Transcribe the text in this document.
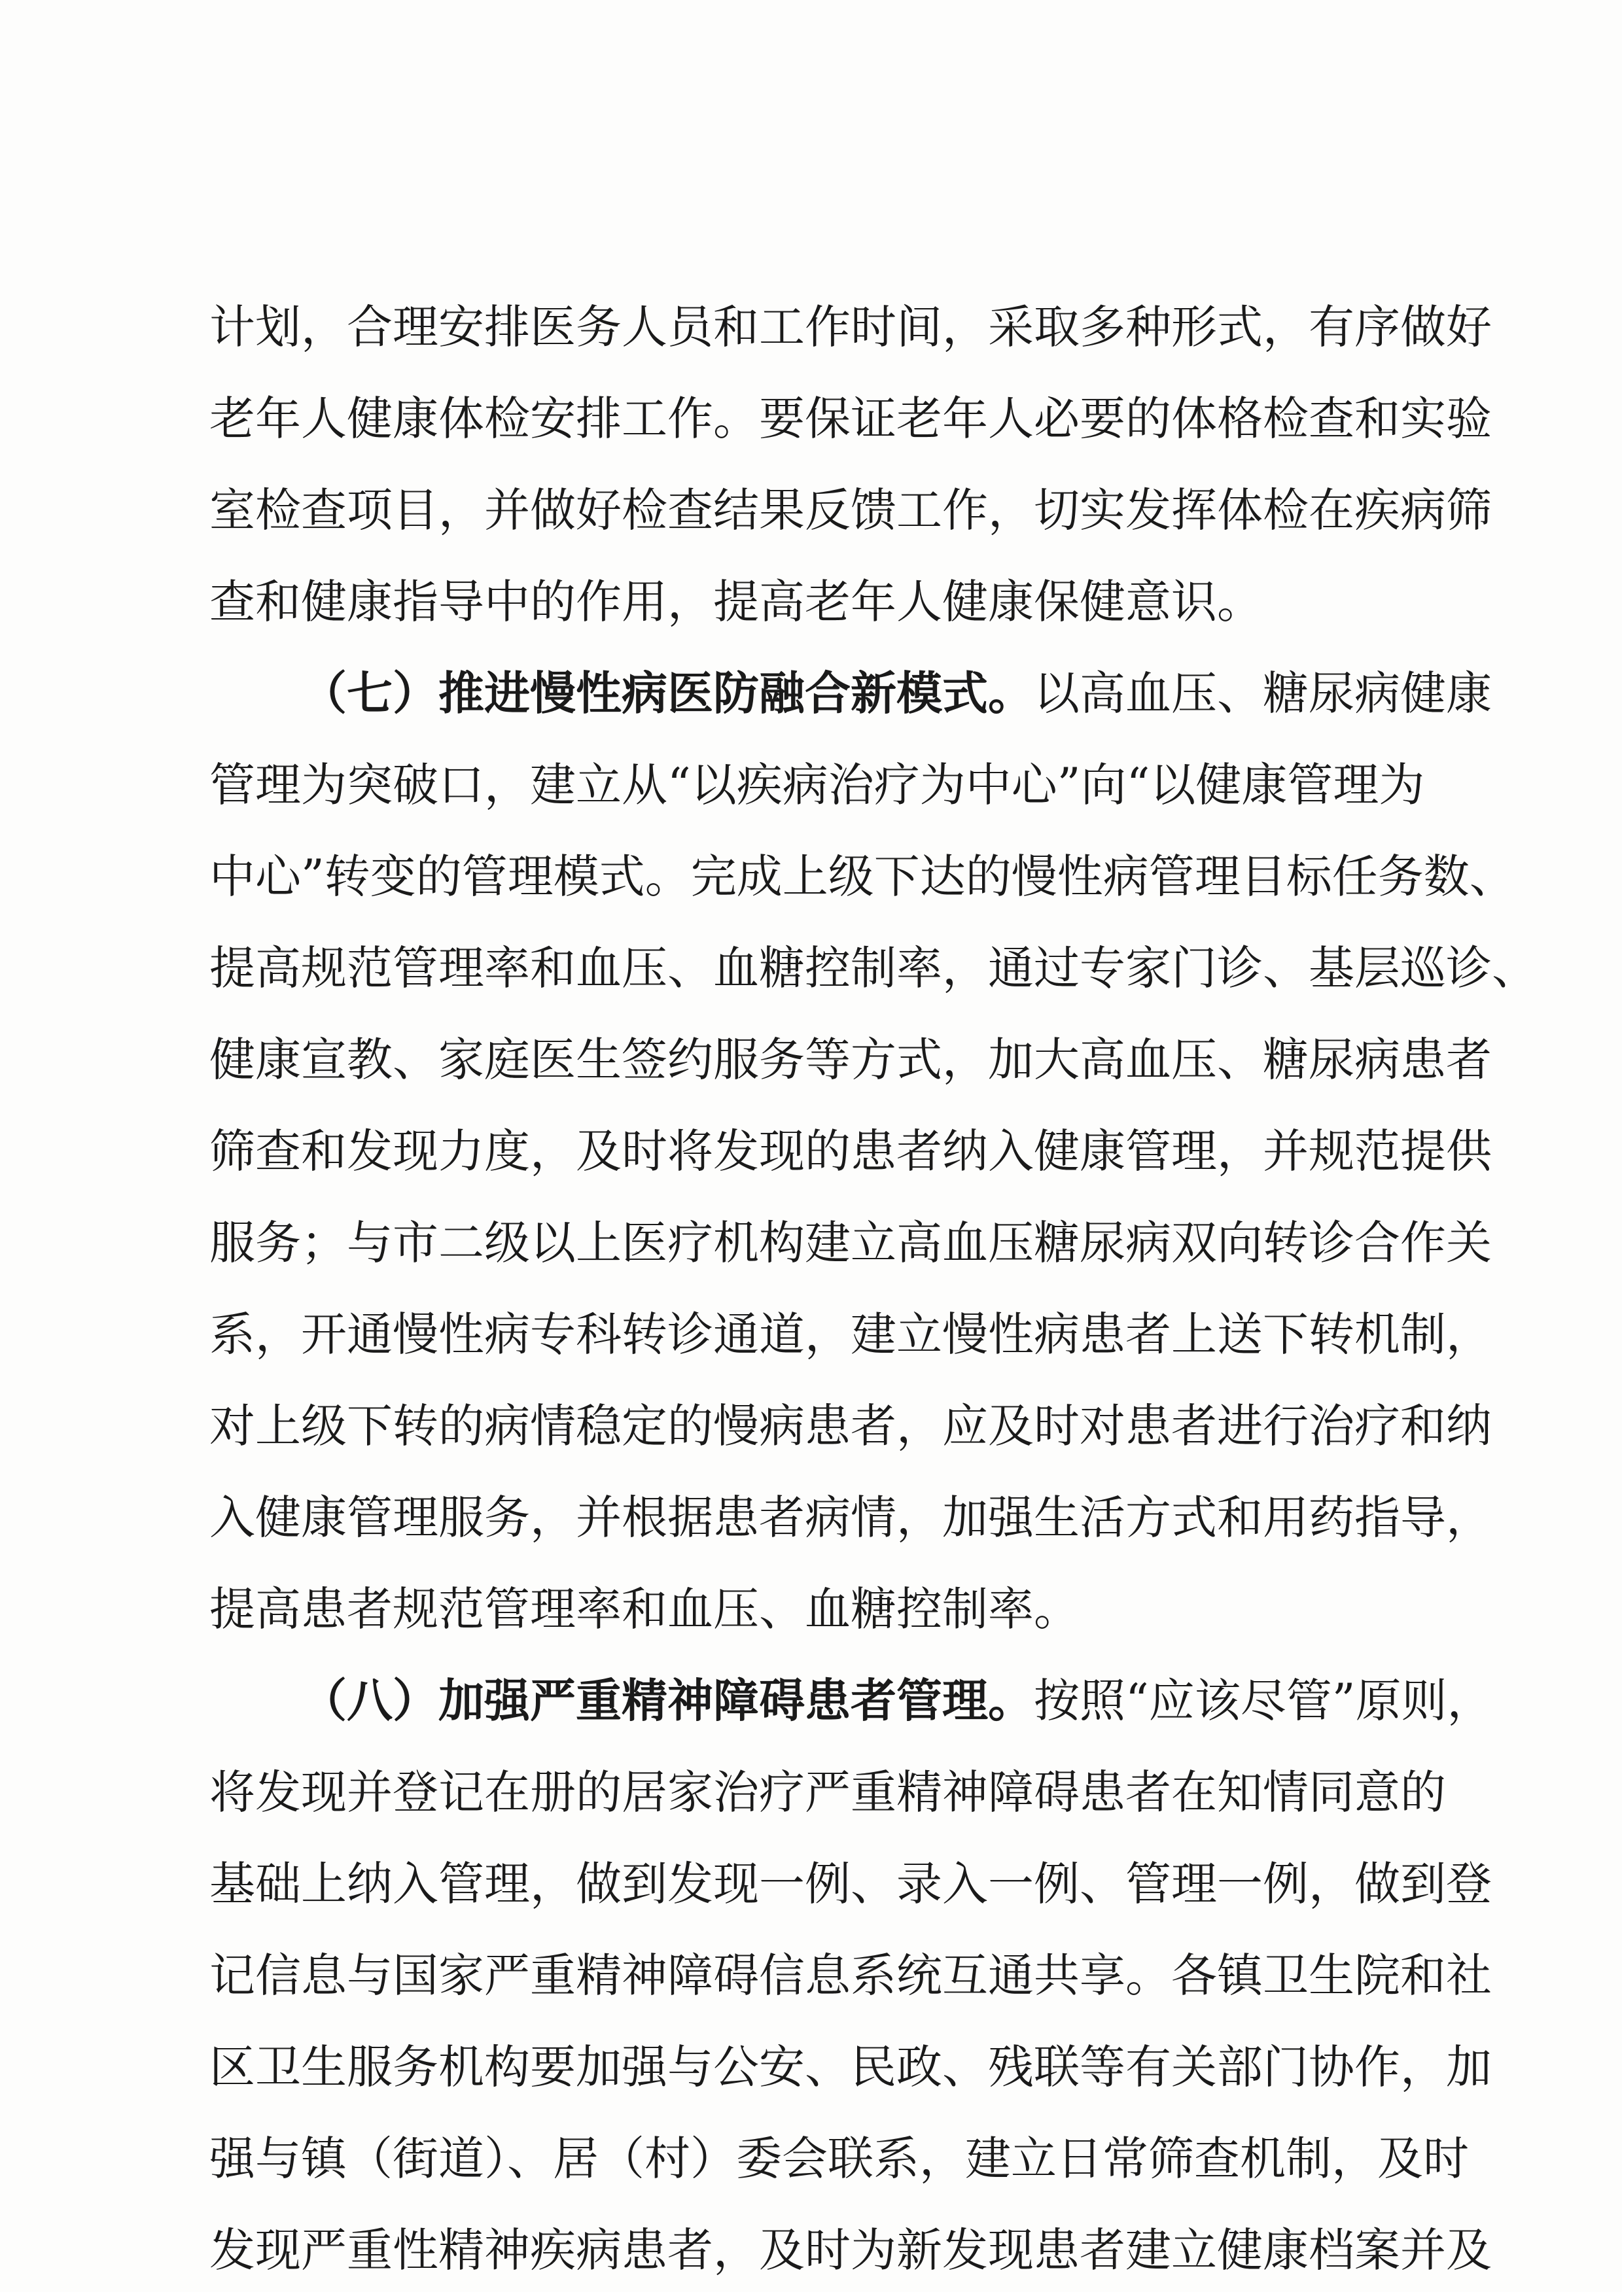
计划，合理安排医务人员和工作时间，采取多种形式，有序做好
老年人健康体检安排工作。要保证老年人必要的体格检查和实验
室检查项目，并做好检查结果反馈工作，切实发挥体检在疾病筛
查和健康指导中的作用，提高老年人健康保健意识。
（七）推进慢性病医防融合新模式。以高血压、糖尿病健康
管理为突破口，建立从“以疾病治疗为中心”向“以健康管理为
中心”转变的管理模式。完成上级下达的慢性病管理目标任务数、
提高规范管理率和血压、血糖控制率，通过专家门诊、基层巡诊、
健康宣教、家庭医生签约服务等方式，加大高血压、糖尿病患者
筛查和发现力度，及时将发现的患者纳入健康管理，并规范提供
服务；与市二级以上医疗机构建立高血压糖尿病双向转诊合作关
系，开通慢性病专科转诊通道，建立慢性病患者上送下转机制，
对上级下转的病情稳定的慢病患者，应及时对患者进行治疗和纳
入健康管理服务，并根据患者病情，加强生活方式和用药指导，
提高患者规范管理率和血压、血糖控制率。
（八）加强严重精神障碍患者管理。按照“应该尽管”原则，
将发现并登记在册的居家治疗严重精神障碍患者在知情同意的
基础上纳入管理，做到发现一例、录入一例、管理一例，做到登
记信息与国家严重精神障碍信息系统互通共享。各镇卫生院和社
区卫生服务机构要加强与公安、民政、残联等有关部门协作，加
强与镇（街道）、居（村）委会联系，建立日常筛查机制，及时
发现严重性精神疾病患者，及时为新发现患者建立健康档案并及
